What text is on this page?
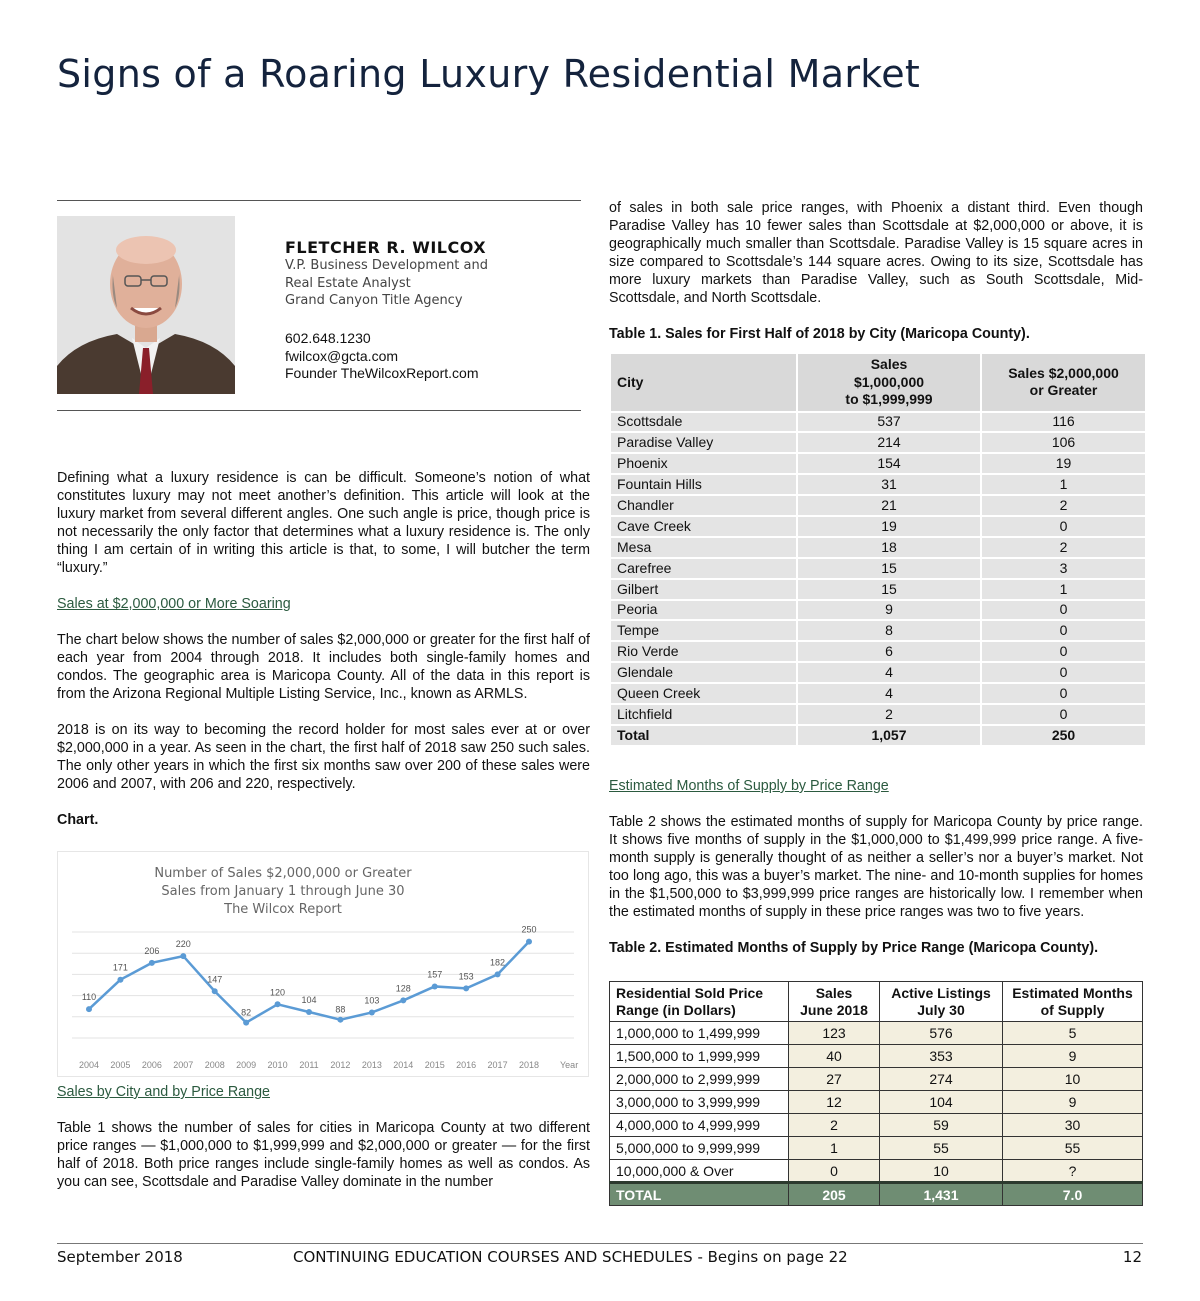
Signs of a Roaring Luxury Residential Market
FLETCHER R. WILCOX
V.P. Business Development and
Real Estate Analyst
Grand Canyon Title Agency
602.648.1230
fwilcox@gcta.com
Founder TheWilcoxReport.com

Defining what a luxury residence is can be difficult. Someone’s notion of what constitutes luxury may not meet another’s definition. This article will look at the luxury market from several different angles. One such angle is price, though price is not necessarily the only factor that determines what a luxury residence is. The only thing I am certain of in writing this article is that, to some, I will butcher the term “luxury.”

Sales at $2,000,000 or More Soaring

The chart below shows the number of sales $2,000,000 or greater for the first half of each year from 2004 through 2018. It includes both single-family homes and condos. The geographic area is Maricopa County. All of the data in this report is from the Arizona Regional Multiple Listing Service, Inc., known as ARMLS.

2018 is on its way to becoming the record holder for most sales ever at or over $2,000,000 in a year. As seen in the chart, the first half of 2018 saw 250 such sales. The only other years in which the first six months saw over 200 of these sales were 2006 and 2007, with 206 and 220, respectively.

Chart.
Number of Sales $2,000,000 or Greater
Sales from January 1 through June 30
The Wilcox Report
110
171
206
220
147
82
120
104
88
103
128
157 153
182
250
2004 2005 2006 2007 2008 2009 2010 2011 2012 2013 2014 2015 2016 2017 2018 Year
Sales by City and by Price Range

Table 1 shows the number of sales for cities in Maricopa County at two different price ranges — $1,000,000 to $1,999,999 and $2,000,000 or greater — for the first half of 2018. Both price ranges include single-family homes as well as condos. As you can see, Scottsdale and Paradise Valley dominate in the number

of sales in both sale price ranges, with Phoenix a distant third. Even though Paradise Valley has 10 fewer sales than Scottsdale at $2,000,000 or above, it is geographically much smaller than Scottsdale. Paradise Valley is 15 square acres in size compared to Scottsdale’s 144 square acres. Owing to its size, Scottsdale has more luxury markets than Paradise Valley, such as South Scottsdale, Mid-Scottsdale, and North Scottsdale.

Table 1. Sales for First Half of 2018 by City (Maricopa County).
City	Sales
$1,000,000
to $1,999,999	Sales $2,000,000
or Greater
Scottsdale	537	116
Paradise Valley	214	106
Phoenix	154	19
Fountain Hills	31	1
Chandler	21	2
Cave Creek	19	0
Mesa	18	2
Carefree	15	3
Gilbert	15	1
Peoria	9	0
Tempe	8	0
Rio Verde	6	0
Glendale	4	0
Queen Creek	4	0
Litchfield	2	0
Total	1,057	250
Estimated Months of Supply by Price Range

Table 2 shows the estimated months of supply for Maricopa County by price range. It shows five months of supply in the $1,000,000 to $1,499,999 price range. A five-month supply is generally thought of as neither a seller’s nor a buyer’s market. Not too long ago, this was a buyer’s market. The nine- and 10-month supplies for homes in the $1,500,000 to $3,999,999 price ranges are historically low. I remember when the estimated months of supply in these price ranges was two to five years.

Table 2. Estimated Months of Supply by Price Range (Maricopa County).
Residential Sold Price
Range (in Dollars)	Sales
June 2018	Active Listings
July 30	Estimated Months
of Supply
1,000,000 to 1,499,999	123	576	5
1,500,000 to 1,999,999	40	353	9
2,000,000 to 2,999,999	27	274	10
3,000,000 to 3,999,999	12	104	9
4,000,000 to 4,999,999	2	59	30
5,000,000 to 9,999,999	1	55	55
10,000,000 & Over	0	10	?
TOTAL	205	1,431	7.0
September 2018	CONTINUING EDUCATION COURSES AND SCHEDULES - Begins on page 22	12
